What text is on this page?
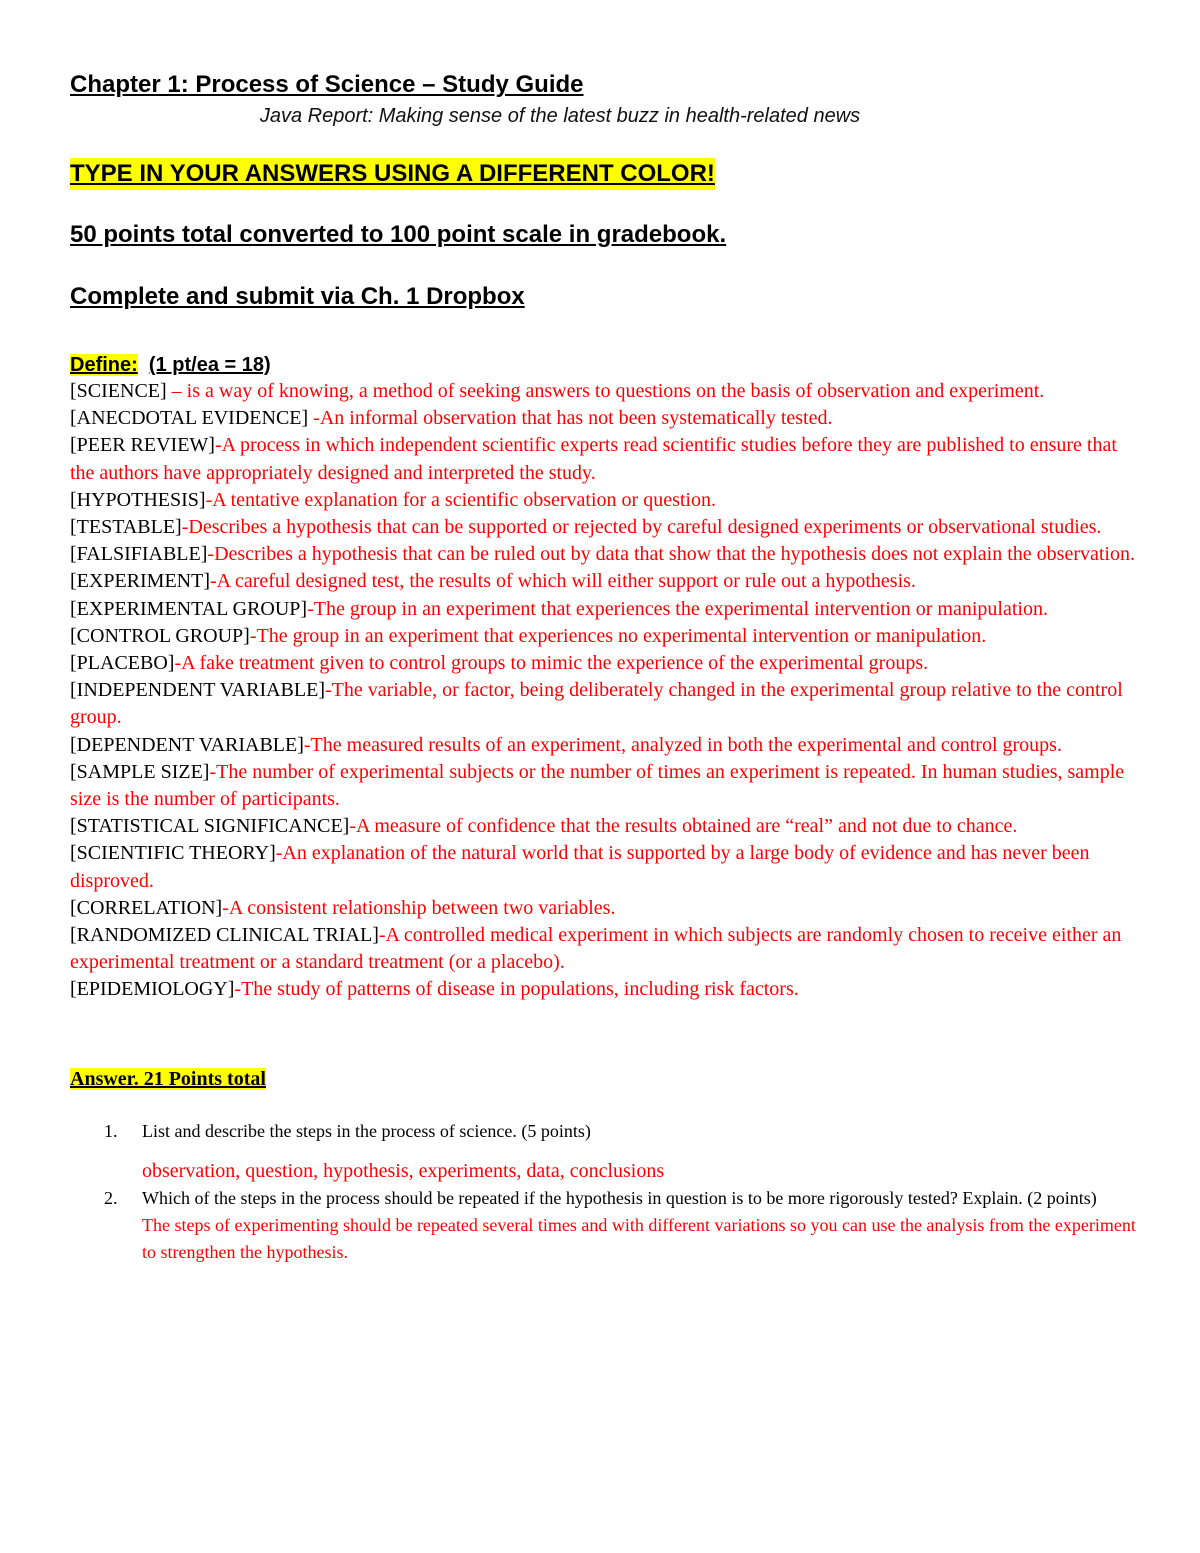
Chapter 1: Process of Science – Study Guide

Java Report: Making sense of the latest buzz in health-related news

TYPE IN YOUR ANSWERS USING A DIFFERENT COLOR!
50 points total converted to 100 point scale in gradebook.
Complete and submit via Ch. 1 Dropbox
Define: (1 pt/ea = 18)
[SCIENCE] – is a way of knowing, a method of seeking answers to questions on the basis of observation and experiment.
[ANECDOTAL EVIDENCE] -An informal observation that has not been systematically tested.
[PEER REVIEW]-A process in which independent scientific experts read scientific studies before they are published to ensure that the authors have appropriately designed and interpreted the study.
[HYPOTHESIS]-A tentative explanation for a scientific observation or question.
[TESTABLE]-Describes a hypothesis that can be supported or rejected by careful designed experiments or observational studies.
[FALSIFIABLE]-Describes a hypothesis that can be ruled out by data that show that the hypothesis does not explain the observation.
[EXPERIMENT]-A careful designed test, the results of which will either support or rule out a hypothesis.
[EXPERIMENTAL GROUP]-The group in an experiment that experiences the experimental intervention or manipulation.
[CONTROL GROUP]-The group in an experiment that experiences no experimental intervention or manipulation.
[PLACEBO]-A fake treatment given to control groups to mimic the experience of the experimental groups.
[INDEPENDENT VARIABLE]-The variable, or factor, being deliberately changed in the experimental group relative to the control group.
[DEPENDENT VARIABLE]-The measured results of an experiment, analyzed in both the experimental and control groups.
[SAMPLE SIZE]-The number of experimental subjects or the number of times an experiment is repeated. In human studies, sample size is the number of participants.
[STATISTICAL SIGNIFICANCE]-A measure of confidence that the results obtained are “real” and not due to chance.
[SCIENTIFIC THEORY]-An explanation of the natural world that is supported by a large body of evidence and has never been disproved.
[CORRELATION]-A consistent relationship between two variables.
[RANDOMIZED CLINICAL TRIAL]-A controlled medical experiment in which subjects are randomly chosen to receive either an experimental treatment or a standard treatment (or a placebo).
[EPIDEMIOLOGY]-The study of patterns of disease in populations, including risk factors.
Answer. 21 Points total
1. List and describe the steps in the process of science. (5 points)
observation, question, hypothesis, experiments, data, conclusions
2. Which of the steps in the process should be repeated if the hypothesis in question is to be more rigorously tested? Explain. (2 points)
The steps of experimenting should be repeated several times and with different variations so you can use the analysis from the experiment to strengthen the hypothesis.
